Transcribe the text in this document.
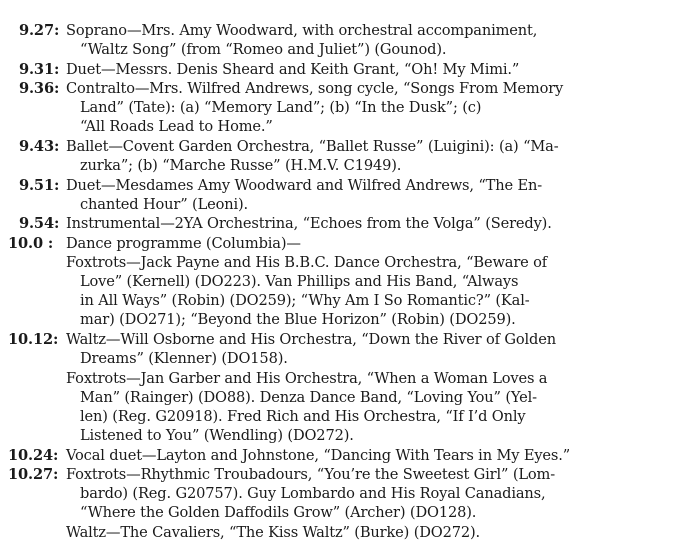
9.27: Soprano—Mrs. Amy Woodward, with orchestral accompaniment,
“Waltz Song” (from “Romeo and Juliet”) (Gounod).
9.31: Duet—Messrs. Denis Sheard and Keith Grant, “Oh! My Mimi.”
9.36: Contralto—Mrs. Wilfred Andrews, song cycle, “Songs From Memory
Land” (Tate): (a) “Memory Land”; (b) “In the Dusk”; (c)
“All Roads Lead to Home.”
9.43: Ballet—Covent Garden Orchestra, “Ballet Russe” (Luigini): (a) “Ma-
zurka”; (b) “Marche Russe” (H.M.V. C1949).
9.51: Duet—Mesdames Amy Woodward and Wilfred Andrews, “The En-
chanted Hour” (Leoni).
9.54: Instrumental—2YA Orchestrina, “Echoes from the Volga” (Seredy).
10.0 : Dance programme (Columbia)—
Foxtrots—Jack Payne and His B.B.C. Dance Orchestra, “Beware of
Love” (Kernell) (DO223). Van Phillips and His Band, “Always
in All Ways” (Robin) (DO259); “Why Am I So Romantic?” (Kal-
mar) (DO271); “Beyond the Blue Horizon” (Robin) (DO259).
10.12: Waltz—Will Osborne and His Orchestra, “Down the River of Golden
Dreams” (Klenner) (DO158).
Foxtrots—Jan Garber and His Orchestra, “When a Woman Loves a
Man” (Rainger) (DO88). Denza Dance Band, “Loving You” (Yel-
len) (Reg. G20918). Fred Rich and His Orchestra, “If I’d Only
Listened to You” (Wendling) (DO272).
10.24: Vocal duet—Layton and Johnstone, “Dancing With Tears in My Eyes.”
10.27: Foxtrots—Rhythmic Troubadours, “You’re the Sweetest Girl” (Lom-
bardo) (Reg. G20757). Guy Lombardo and His Royal Canadians,
“Where the Golden Daffodils Grow” (Archer) (DO128).
Waltz—The Cavaliers, “The Kiss Waltz” (Burke) (DO272).
